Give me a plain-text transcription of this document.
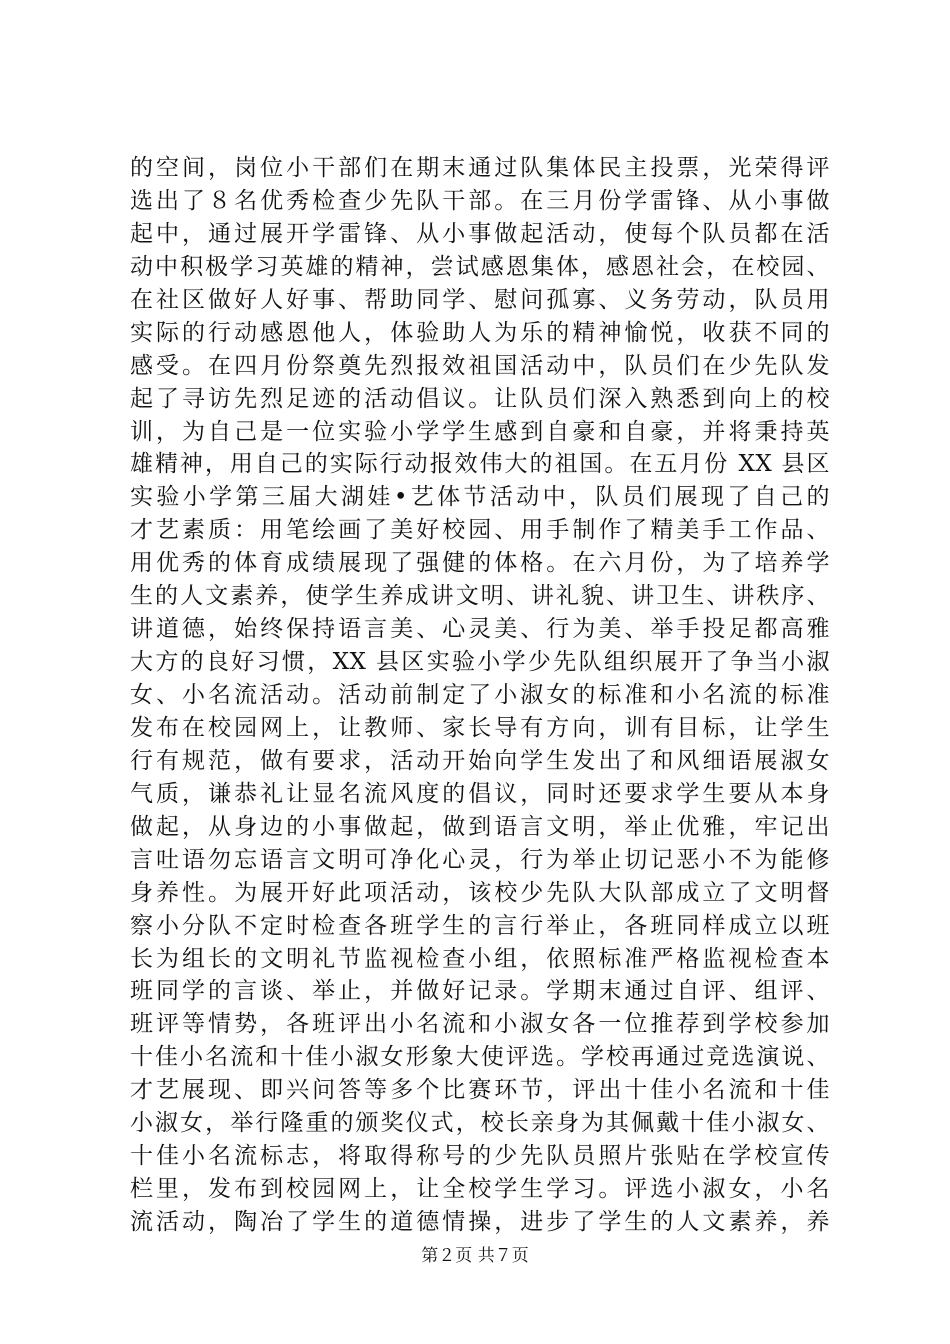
的空间，岗位小干部们在期末通过队集体民主投票，光荣得评
选出了８名优秀检查少先队干部。在三月份学雷锋、从小事做
起中，通过展开学雷锋、从小事做起活动，使每个队员都在活
动中积极学习英雄的精神，尝试感恩集体，感恩社会，在校园、
在社区做好人好事、帮助同学、慰问孤寡、义务劳动，队员用
实际的行动感恩他人，体验助人为乐的精神愉悦，收获不同的
感受。在四月份祭奠先烈报效祖国活动中，队员们在少先队发
起了寻访先烈足迹的活动倡议。让队员们深入熟悉到向上的校
训，为自己是一位实验小学学生感到自豪和自豪，并将秉持英
雄精神，用自己的实际行动报效伟大的祖国。在五月份 XX 县区
实验小学第三届大湖娃•艺体节活动中，队员们展现了自己的
才艺素质：用笔绘画了美好校园、用手制作了精美手工作品、
用优秀的体育成绩展现了强健的体格。在六月份，为了培养学
生的人文素养，使学生养成讲文明、讲礼貌、讲卫生、讲秩序、
讲道德，始终保持语言美、心灵美、行为美、举手投足都高雅
大方的良好习惯，XX 县区实验小学少先队组织展开了争当小淑
女、小名流活动。活动前制定了小淑女的标准和小名流的标准
发布在校园网上，让教师、家长导有方向，训有目标，让学生
行有规范，做有要求，活动开始向学生发出了和风细语展淑女
气质，谦恭礼让显名流风度的倡议，同时还要求学生要从本身
做起，从身边的小事做起，做到语言文明，举止优雅，牢记出
言吐语勿忘语言文明可净化心灵，行为举止切记恶小不为能修
身养性。为展开好此项活动，该校少先队大队部成立了文明督
察小分队不定时检查各班学生的言行举止，各班同样成立以班
长为组长的文明礼节监视检查小组，依照标准严格监视检查本
班同学的言谈、举止，并做好记录。学期末通过自评、组评、
班评等情势，各班评出小名流和小淑女各一位推荐到学校参加
十佳小名流和十佳小淑女形象大使评选。学校再通过竞选演说、
才艺展现、即兴问答等多个比赛环节，评出十佳小名流和十佳
小淑女，举行隆重的颁奖仪式，校长亲身为其佩戴十佳小淑女、
十佳小名流标志，将取得称号的少先队员照片张贴在学校宣传
栏里，发布到校园网上，让全校学生学习。评选小淑女，小名
流活动，陶冶了学生的道德情操，进步了学生的人文素养，养
第２页 共７页
